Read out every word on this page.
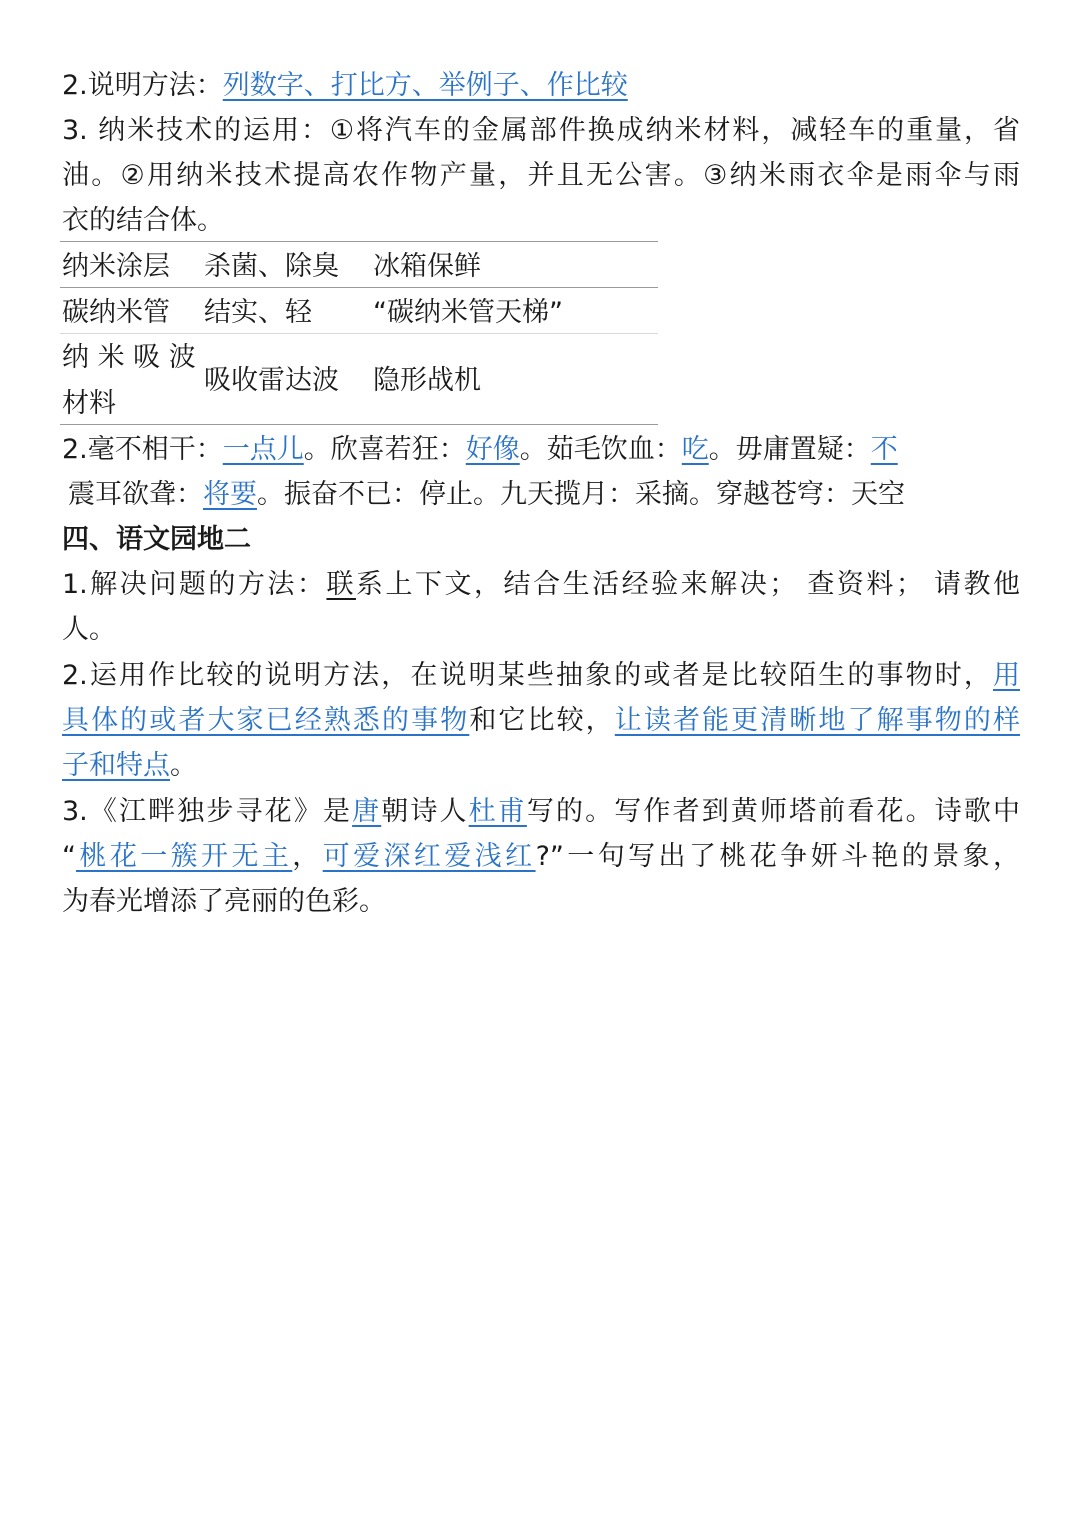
2.说明方法：列数字、打比方、举例子、作比较
3. 纳米技术的运用：①将汽车的金属部件换成纳米材料，减轻车的重量，省
油。②用纳米技术提高农作物产量，并且无公害。③纳米雨衣伞是雨伞与雨
衣的结合体。
纳米涂层 杀菌、除臭 冰箱保鲜
碳纳米管 结实、轻 “碳纳米管天梯”
纳 米 吸 波
材料
吸收雷达波 隐形战机
2.毫不相干：一点儿。欣喜若狂：好像。茹毛饮血：吃。毋庸置疑：不
震耳欲聋：将要。振奋不已：停止。九天揽月：采摘。穿越苍穹：天空
四、语文园地二
1.解决问题的方法：联系上下文，结合生活经验来解决； 查资料； 请教他
人。
2.运用作比较的说明方法，在说明某些抽象的或者是比较陌生的事物时，用
具体的或者大家已经熟悉的事物和它比较，让读者能更清晰地了解事物的样
子和特点。
3.《江畔独步寻花》是唐朝诗人杜甫写的。写作者到黄师塔前看花。诗歌中
“桃花一簇开无主，可爱深红爱浅红?”一句写出了桃花争妍斗艳的景象，
为春光增添了亮丽的色彩。
